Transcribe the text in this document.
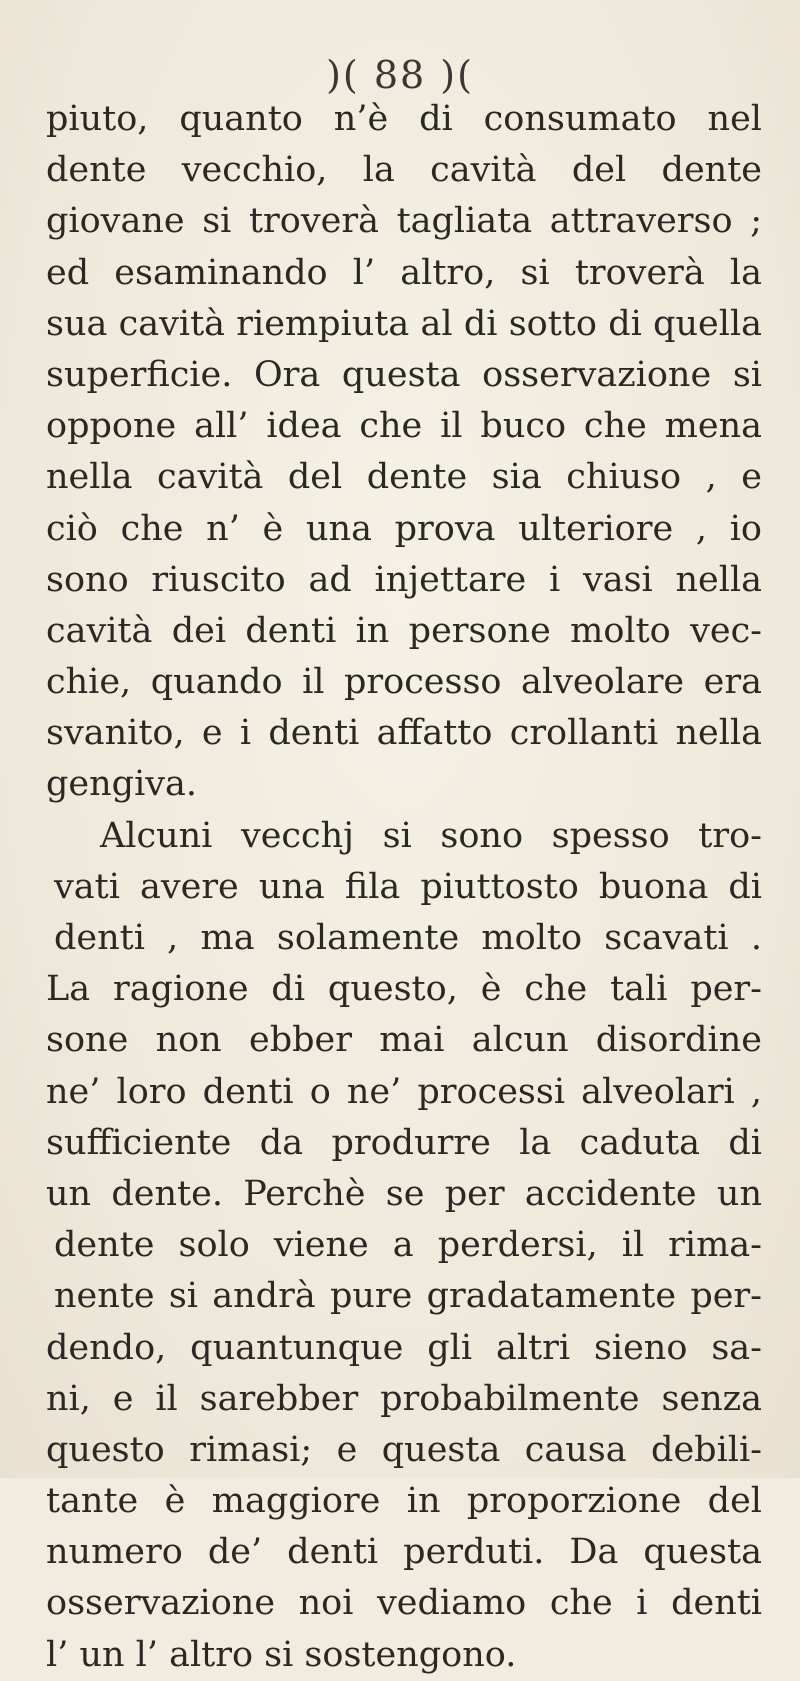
)( 88 )(
piuto, quanto n’è di consumato nel
dente vecchio, la cavità del dente
giovane si troverà tagliata attraverso ;
ed esaminando l’ altro, si troverà la
sua cavità riempiuta al di sotto di quella
superficie. Ora questa osservazione si
oppone all’ idea che il buco che mena
nella cavità del dente sia chiuso , e
ciò che n’ è una prova ulteriore , io
sono riuscito ad injettare i vasi nella
cavità dei denti in persone molto vec-
chie, quando il processo alveolare era
svanito, e i denti affatto crollanti nella
gengiva.
Alcuni vecchj si sono spesso tro-
vati avere una fila piuttosto buona di
denti , ma solamente molto scavati .
La ragione di questo, è che tali per-
sone non ebber mai alcun disordine
ne’ loro denti o ne’ processi alveolari ,
sufficiente da produrre la caduta di
un dente. Perchè se per accidente un
dente solo viene a perdersi, il rima-
nente si andrà pure gradatamente per-
dendo, quantunque gli altri sieno sa-
ni, e il sarebber probabilmente senza
questo rimasi; e questa causa debili-
tante è maggiore in proporzione del
numero de’ denti perduti. Da questa
osservazione noi vediamo che i denti
l’ un l’ altro si sostengono.
